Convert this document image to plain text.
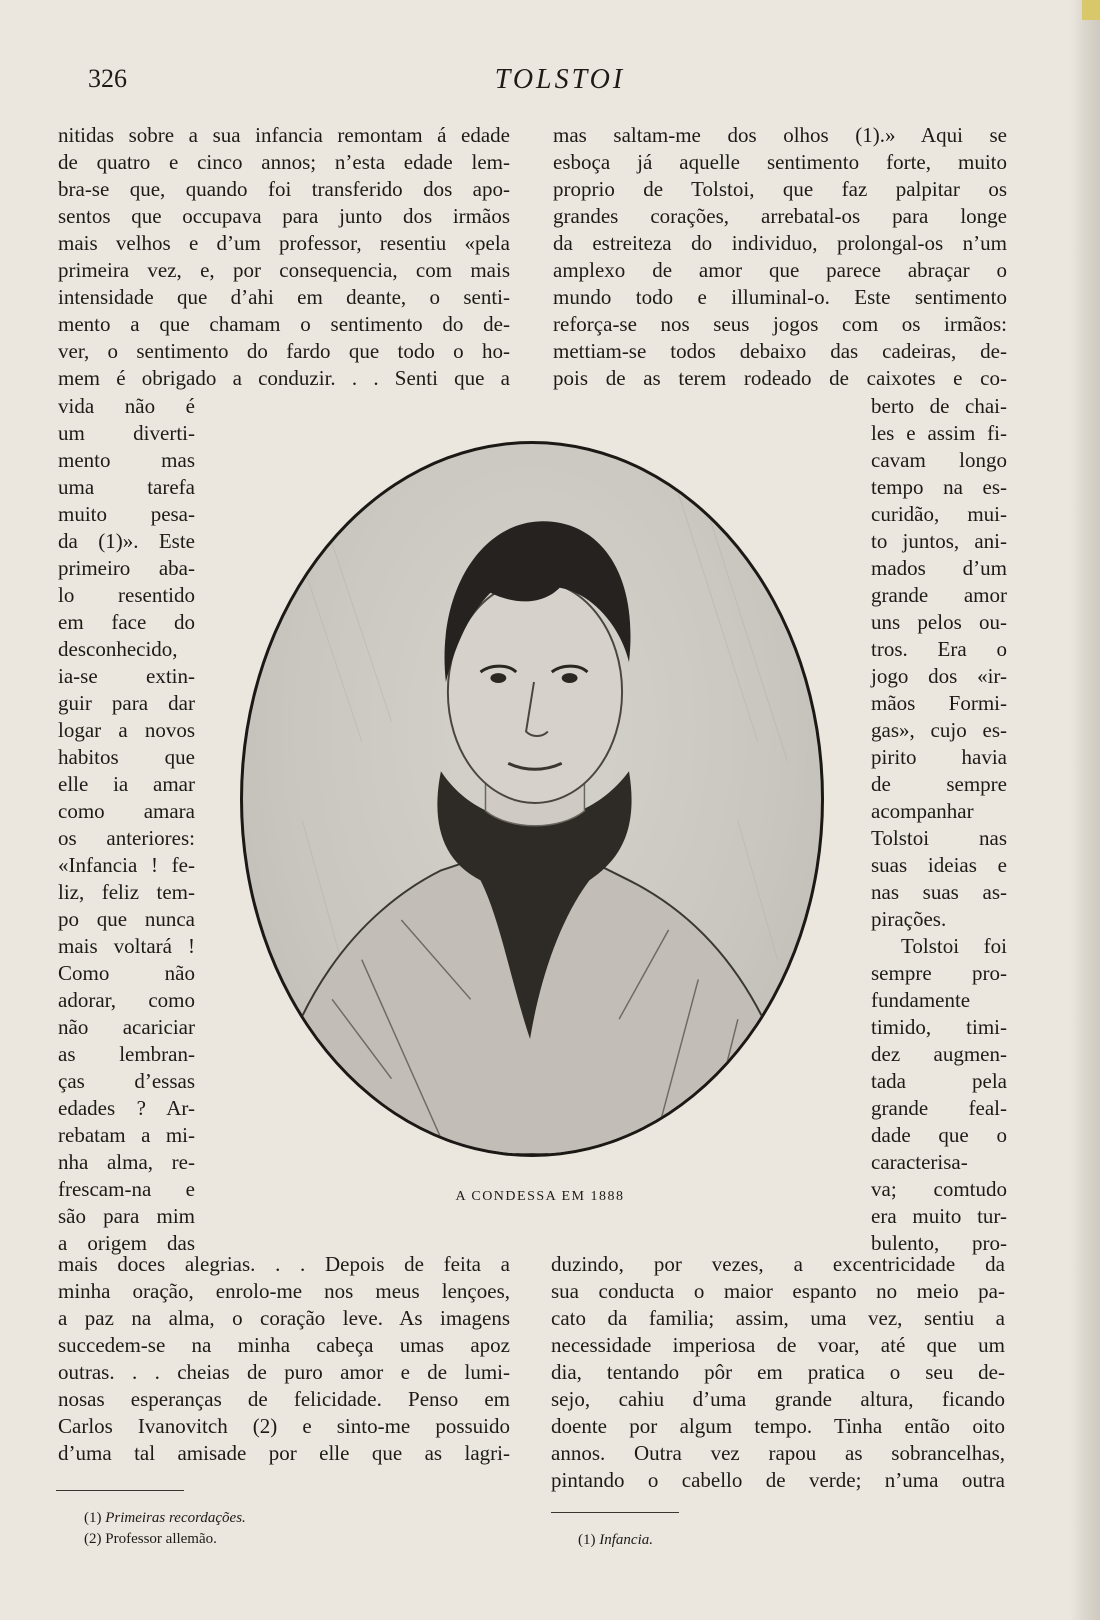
326	TOLSTOI
nitidas sobre a sua infancia remontam á edade
de quatro e cinco annos; n’esta edade lem-
bra-se que, quando foi transferido dos apo-
sentos que occupava para junto dos irmãos
mais velhos e d’um professor, resentiu «pela
primeira vez, e, por consequencia, com mais
intensidade que d’ahi em deante, o senti-
mento a que chamam o sentimento do de-
ver, o sentimento do fardo que todo o ho-
mem é obrigado a conduzir. . . Senti que a
vida não é
um diverti-
mento mas
uma tarefa
muito pesa-
da (1)». Este
primeiro aba-
lo resentido
em face do
desconhecido,
ia-se extin-
guir para dar
logar a novos
habitos que
elle ia amar
como amara
os anteriores:
«Infancia ! fe-
liz, feliz tem-
po que nunca
mais voltará !
Como não
adorar, como
não acariciar
as lembran-
ças d’essas
edades ? Ar-
rebatam a mi-
nha alma, re-
frescam-na e
são para mim
a origem das
mais doces alegrias. . . Depois de feita a
minha oração, enrolo-me nos meus lençoes,
a paz na alma, o coração leve. As imagens
succedem-se na minha cabeça umas apoz
outras. . . cheias de puro amor e de lumi-
nosas esperanças de felicidade. Penso em
Carlos Ivanovitch (2) e sinto-me possuido
d’uma tal amisade por elle que as lagri-
mas saltam-me dos olhos (1).» Aqui se
esboça já aquelle sentimento forte, muito
proprio de Tolstoi, que faz palpitar os
grandes corações, arrebatal-os para longe
da estreiteza do individuo, prolongal-os n’um
amplexo de amor que parece abraçar o
mundo todo e illuminal-o. Este sentimento
reforça-se nos seus jogos com os irmãos:
mettiam-se todos debaixo das cadeiras, de-
pois de as terem rodeado de caixotes e co-
berto de chai-
les e assim fi-
cavam longo
tempo na es-
curidão, mui-
to juntos, ani-
mados d’um
grande amor
uns pelos ou-
tros. Era o
jogo dos «ir-
mãos Formi-
gas», cujo es-
pirito havia
de sempre
acompanhar
Tolstoi nas
suas ideias e
nas suas as-
pirações.
Tolstoi foi
sempre pro-
fundamente
timido, timi-
dez augmen-
tada pela
grande feal-
dade que o
caracterisa-
va; comtudo
era muito tur-
bulento, pro-
duzindo, por vezes, a excentricidade da
sua conducta o maior espanto no meio pa-
cato da familia; assim, uma vez, sentiu a
necessidade imperiosa de voar, até que um
dia, tentando pôr em pratica o seu de-
sejo, cahiu d’uma grande altura, ficando
doente por algum tempo. Tinha então oito
annos. Outra vez rapou as sobrancelhas,
pintando o cabello de verde; n’uma outra
A CONDESSA EM 1888
(1) Primeiras recordações.
(2) Professor allemão.	(1) Infancia.
